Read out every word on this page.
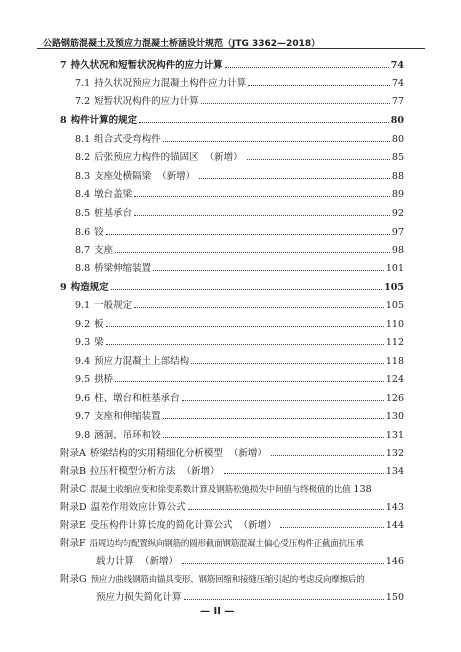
公路钢筋混凝土及预应力混凝土桥涵设计规范（JTG 3362—2018）
7 持久状况和短暂状况构件的应力计算	74
7.1 持久状况预应力混凝土构件应力计算	74
7.2 短暂状况构件的应力计算	77
8 构件计算的规定	80
8.1 组合式受弯构件	80
8.2 后张预应力构件的锚固区 （新增）	85
8.3 支座处横隔梁 （新增）	88
8.4 墩台盖梁	89
8.5 桩基承台	92
8.6 铰	97
8.7 支座	98
8.8 桥梁伸缩装置	101
9 构造规定	105
9.1 一般规定	105
9.2 板	110
9.3 梁	112
9.4 预应力混凝土上部结构	118
9.5 拱桥	124
9.6 柱、墩台和桩基承台	126
9.7 支座和伸缩装置	130
9.8 涵洞、吊环和铰	131
附录A 桥梁结构的实用精细化分析模型 （新增）	132
附录B 拉压杆模型分析方法 （新增）	134
附录C 混凝土收缩应变和徐变系数计算及钢筋松弛损失中间值与终极值的比值 138
附录D 温差作用效应计算公式	143
附录E 受压构件计算长度的简化计算公式 （新增）	144
附录F 沿周边均匀配置纵向钢筋的圆形截面钢筋混凝土偏心受压构件正截面抗压承
载力计算 （新增）	146
附录G 预应力曲线钢筋由锚具变形、钢筋回缩和接缝压缩引起的考虑反向摩擦后的
预应力损失简化计算	150
— II —
